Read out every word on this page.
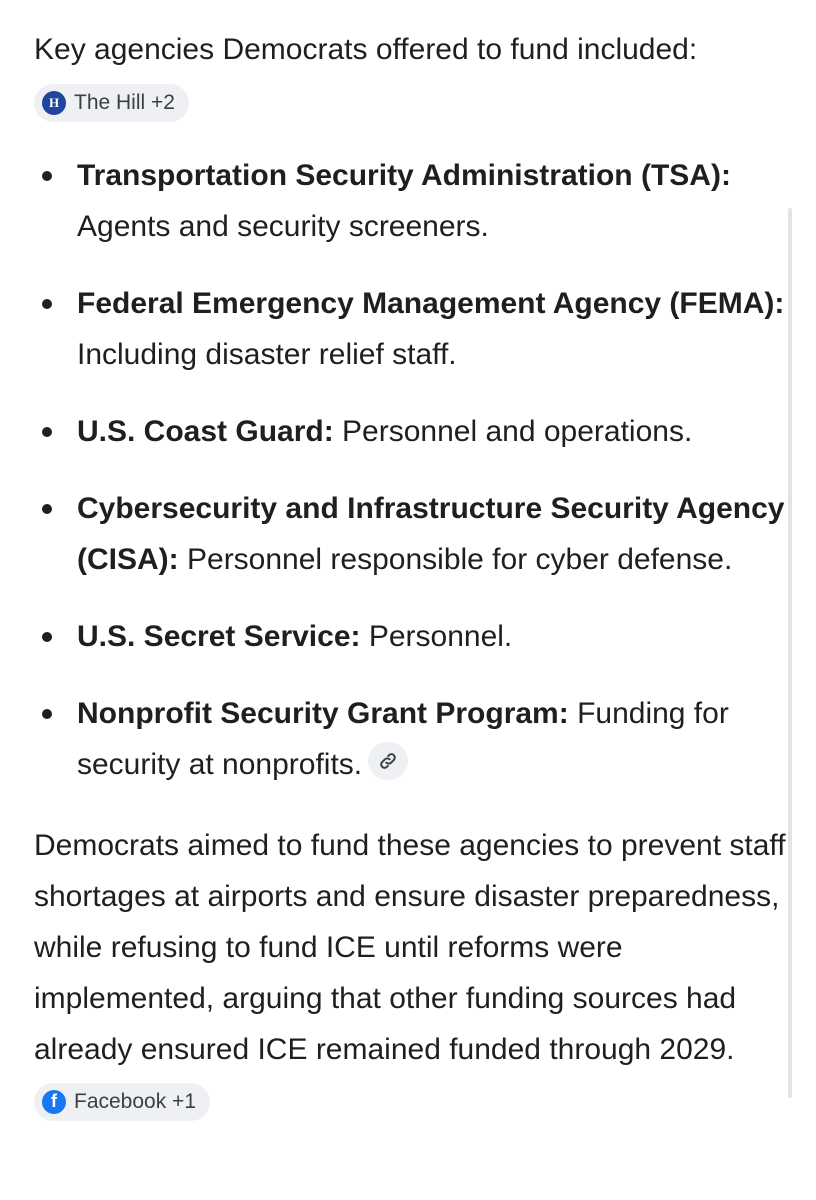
Key agencies Democrats offered to fund included:
H The Hill +2

Transportation Security Administration (TSA): Agents and security screeners.
Federal Emergency Management Agency (FEMA): Including disaster relief staff.
U.S. Coast Guard: Personnel and operations.
Cybersecurity and Infrastructure Security Agency (CISA): Personnel responsible for cyber defense.
U.S. Secret Service: Personnel.
Nonprofit Security Grant Program: Funding for security at nonprofits.

Democrats aimed to fund these agencies to prevent staff shortages at airports and ensure disaster preparedness, while refusing to fund ICE until reforms were implemented, arguing that other funding sources had already ensured ICE remained funded through 2029.
f Facebook +1
